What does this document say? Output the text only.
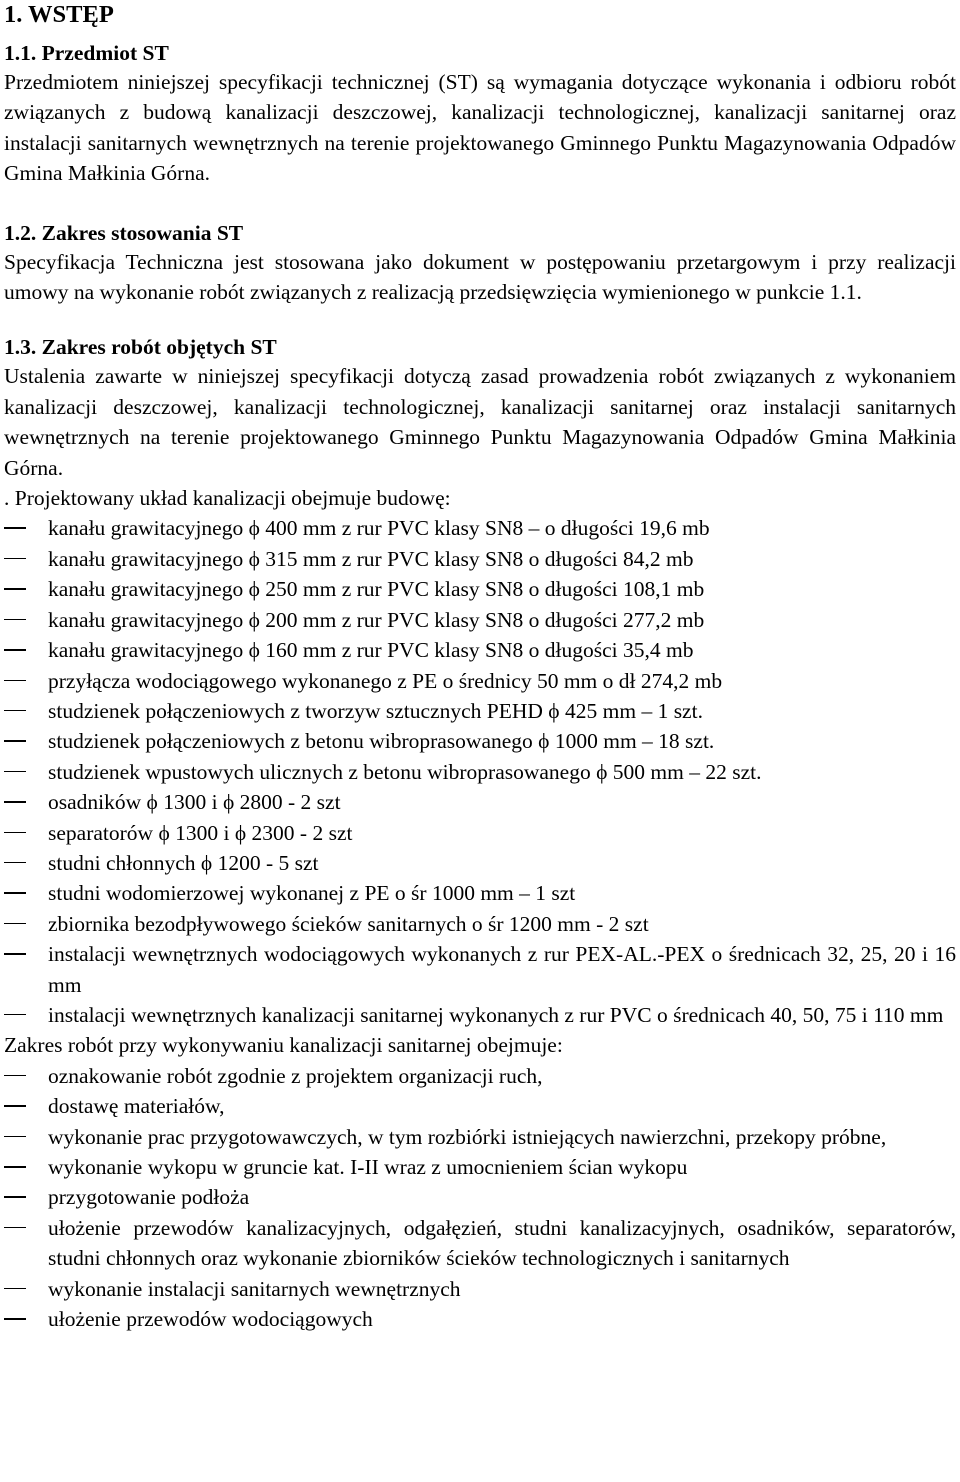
1. WSTĘP
1.1. Przedmiot ST

Przedmiotem niniejszej specyfikacji technicznej (ST) są wymagania dotyczące wykonania i odbioru robót związanych z budową kanalizacji deszczowej, kanalizacji technologicznej, kanalizacji sanitarnej oraz instalacji sanitarnych wewnętrznych na terenie projektowanego Gminnego Punktu Magazynowania Odpadów Gmina Małkinia Górna.

1.2. Zakres stosowania ST

Specyfikacja Techniczna jest stosowana jako dokument w postępowaniu przetargowym i przy realizacji umowy na wykonanie robót związanych z realizacją przedsięwzięcia wymienionego w punkcie 1.1.

1.3. Zakres robót objętych ST

Ustalenia zawarte w niniejszej specyfikacji dotyczą zasad prowadzenia robót związanych z wykonaniem kanalizacji deszczowej, kanalizacji technologicznej, kanalizacji sanitarnej oraz instalacji sanitarnych wewnętrznych na terenie projektowanego Gminnego Punktu Magazynowania Odpadów Gmina Małkinia Górna.

. Projektowany układ kanalizacji obejmuje budowę:

kanału grawitacyjnego ϕ 400 mm z rur PVC klasy SN8 – o długości 19,6 mb
kanału grawitacyjnego ϕ 315 mm z rur PVC klasy SN8 o długości 84,2 mb
kanału grawitacyjnego ϕ 250 mm z rur PVC klasy SN8 o długości 108,1 mb
kanału grawitacyjnego ϕ 200 mm z rur PVC klasy SN8 o długości 277,2 mb
kanału grawitacyjnego ϕ 160 mm z rur PVC klasy SN8 o długości 35,4 mb
przyłącza wodociągowego wykonanego z PE o średnicy 50 mm o dł 274,2 mb
studzienek połączeniowych z tworzyw sztucznych PEHD ϕ 425 mm – 1 szt.
studzienek połączeniowych z betonu wibroprasowanego ϕ 1000 mm – 18 szt.
studzienek wpustowych ulicznych z betonu wibroprasowanego ϕ 500 mm – 22 szt.
osadników ϕ 1300 i ϕ 2800 - 2 szt
separatorów ϕ 1300 i ϕ 2300 - 2 szt
studni chłonnych ϕ 1200 - 5 szt
studni wodomierzowej wykonanej z PE o śr 1000 mm – 1 szt
zbiornika bezodpływowego ścieków sanitarnych o śr 1200 mm - 2 szt
instalacji wewnętrznych wodociągowych wykonanych z rur PEX-AL.-PEX o średnicach 32, 25, 20 i 16 mm
instalacji wewnętrznych kanalizacji sanitarnej wykonanych z rur PVC o średnicach 40, 50, 75 i 110 mm

Zakres robót przy wykonywaniu kanalizacji sanitarnej obejmuje:

oznakowanie robót zgodnie z projektem organizacji ruch,
dostawę materiałów,
wykonanie prac przygotowawczych, w tym rozbiórki istniejących nawierzchni, przekopy próbne,
wykonanie wykopu w gruncie kat. I-II wraz z umocnieniem ścian wykopu
przygotowanie podłoża
ułożenie przewodów kanalizacyjnych, odgałęzień, studni kanalizacyjnych, osadników, separatorów, studni chłonnych oraz wykonanie zbiorników ścieków technologicznych i sanitarnych
wykonanie instalacji sanitarnych wewnętrznych
ułożenie przewodów wodociągowych
